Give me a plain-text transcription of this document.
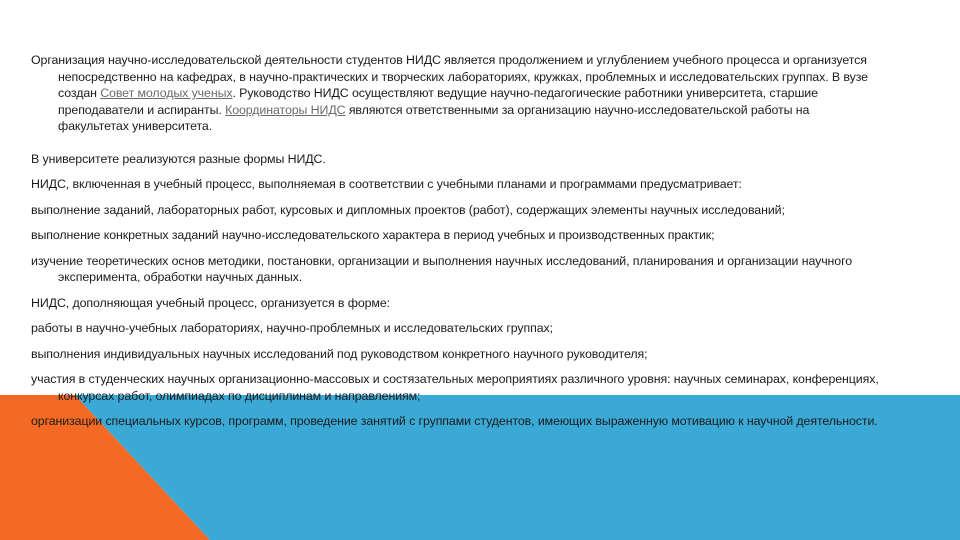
Организация научно-исследовательской деятельности студентов НИДС является продолжением и углублением учебного процесса и организуется непосредственно на кафедрах, в научно-практических и творческих лабораториях, кружках, проблемных и исследовательских группах. В вузе создан Совет молодых ученых. Руководство НИДС осуществляют ведущие научно-педагогические работники университета, старшие преподаватели и аспиранты. Координаторы НИДС являются ответственными за организацию научно-исследовательской работы на факультетах университета.

В университете реализуются разные формы НИДС.

НИДС, включенная в учебный процесс, выполняемая в соответствии с учебными планами и программами предусматривает:

выполнение заданий, лабораторных работ, курсовых и дипломных проектов (работ), содержащих элементы научных исследований;

выполнение конкретных заданий научно-исследовательского характера в период учебных и производственных практик;

изучение теоретических основ методики, постановки, организации и выполнения научных исследований, планирования и организации научного эксперимента, обработки научных данных.

НИДС, дополняющая учебный процесс, организуется в форме:

работы в научно-учебных лабораториях, научно-проблемных и исследовательских группах;

выполнения индивидуальных научных исследований под руководством конкретного научного руководителя;

участия в студенческих научных организационно-массовых и состязательных мероприятиях различного уровня: научных семинарах, конференциях, конкурсах работ, олимпиадах по дисциплинам и направлениям;

организации специальных курсов, программ, проведение занятий с группами студентов, имеющих выраженную мотивацию к научной деятельности.
